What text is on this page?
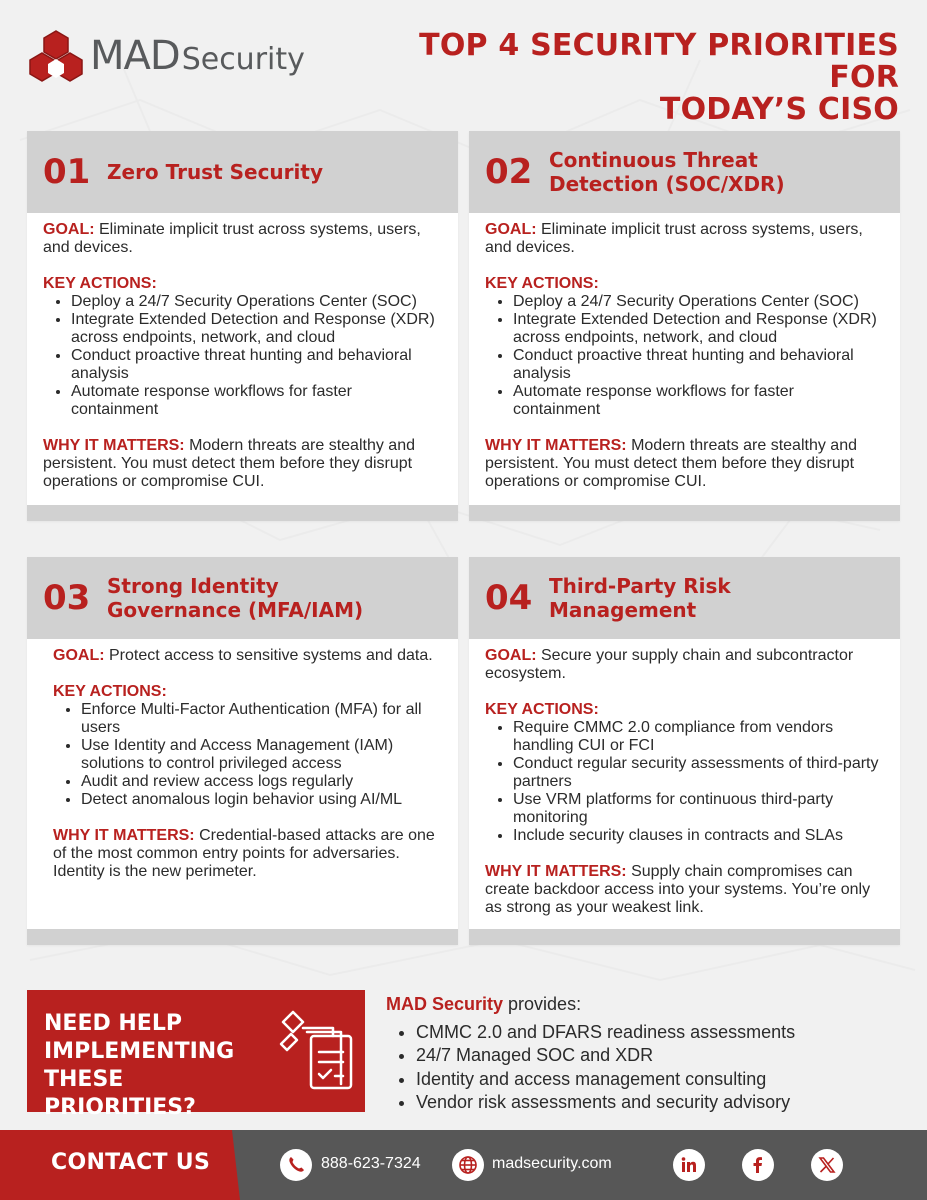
MAD Security	TOP 4 SECURITY PRIORITIES FOR
TODAY’S CISO
01 Zero Trust Security

GOAL: Eliminate implicit trust across systems, users, and devices.

KEY ACTIONS:
• Deploy a 24/7 Security Operations Center (SOC)
• Integrate Extended Detection and Response (XDR) across endpoints, network, and cloud
• Conduct proactive threat hunting and behavioral analysis
• Automate response workflows for faster containment

WHY IT MATTERS: Modern threats are stealthy and persistent. You must detect them before they disrupt operations or compromise CUI.

02 Continuous Threat Detection (SOC/XDR)

GOAL: Eliminate implicit trust across systems, users, and devices.

KEY ACTIONS:
• Deploy a 24/7 Security Operations Center (SOC)
• Integrate Extended Detection and Response (XDR) across endpoints, network, and cloud
• Conduct proactive threat hunting and behavioral analysis
• Automate response workflows for faster containment

WHY IT MATTERS: Modern threats are stealthy and persistent. You must detect them before they disrupt operations or compromise CUI.

03 Strong Identity Governance (MFA/IAM)

GOAL: Protect access to sensitive systems and data.

KEY ACTIONS:
• Enforce Multi-Factor Authentication (MFA) for all users
• Use Identity and Access Management (IAM) solutions to control privileged access
• Audit and review access logs regularly
• Detect anomalous login behavior using AI/ML

WHY IT MATTERS: Credential-based attacks are one of the most common entry points for adversaries. Identity is the new perimeter.

04 Third-Party Risk Management

GOAL: Secure your supply chain and subcontractor ecosystem.

KEY ACTIONS:
• Require CMMC 2.0 compliance from vendors handling CUI or FCI
• Conduct regular security assessments of third-party partners
• Use VRM platforms for continuous third-party monitoring
• Include security clauses in contracts and SLAs

WHY IT MATTERS: Supply chain compromises can create backdoor access into your systems. You’re only as strong as your weakest link.

NEED HELP
IMPLEMENTING
THESE PRIORITIES?
MAD Security provides:
• CMMC 2.0 and DFARS readiness assessments
• 24/7 Managed SOC and XDR
• Identity and access management consulting
• Vendor risk assessments and security advisory
CONTACT US	888-623-7324	madsecurity.com
